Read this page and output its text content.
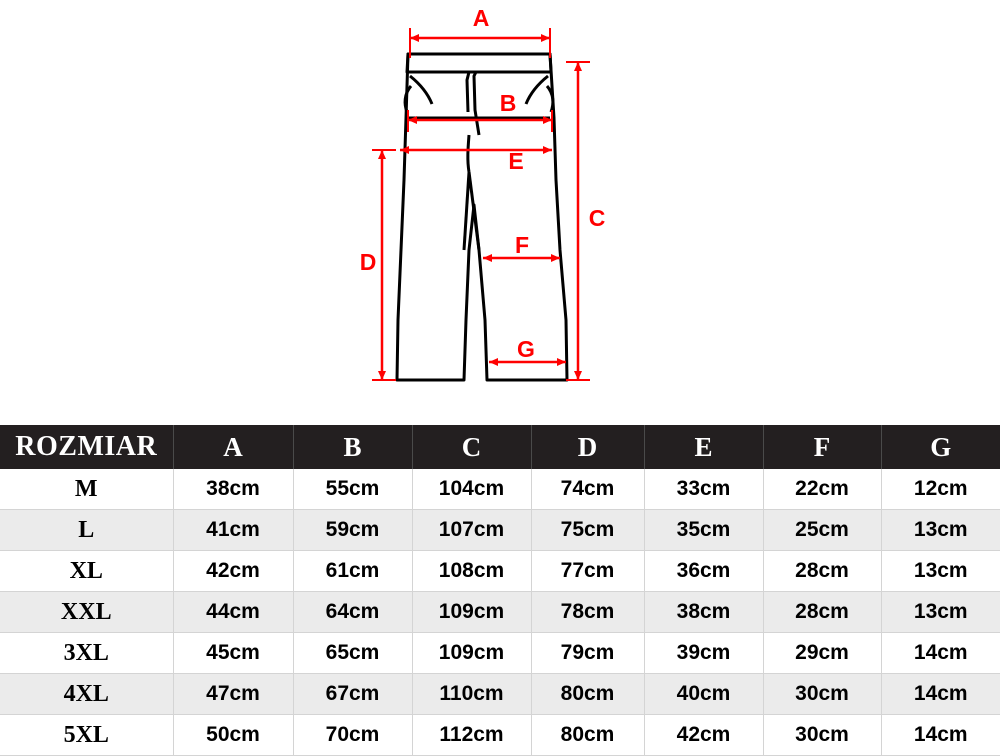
A
B
C
D
E
F
G
ROZMIAR	A	B	C	D	E	F	G
M	38cm	55cm	104cm	74cm	33cm	22cm	12cm
L	41cm	59cm	107cm	75cm	35cm	25cm	13cm
XL	42cm	61cm	108cm	77cm	36cm	28cm	13cm
XXL	44cm	64cm	109cm	78cm	38cm	28cm	13cm
3XL	45cm	65cm	109cm	79cm	39cm	29cm	14cm
4XL	47cm	67cm	110cm	80cm	40cm	30cm	14cm
5XL	50cm	70cm	112cm	80cm	42cm	30cm	14cm
